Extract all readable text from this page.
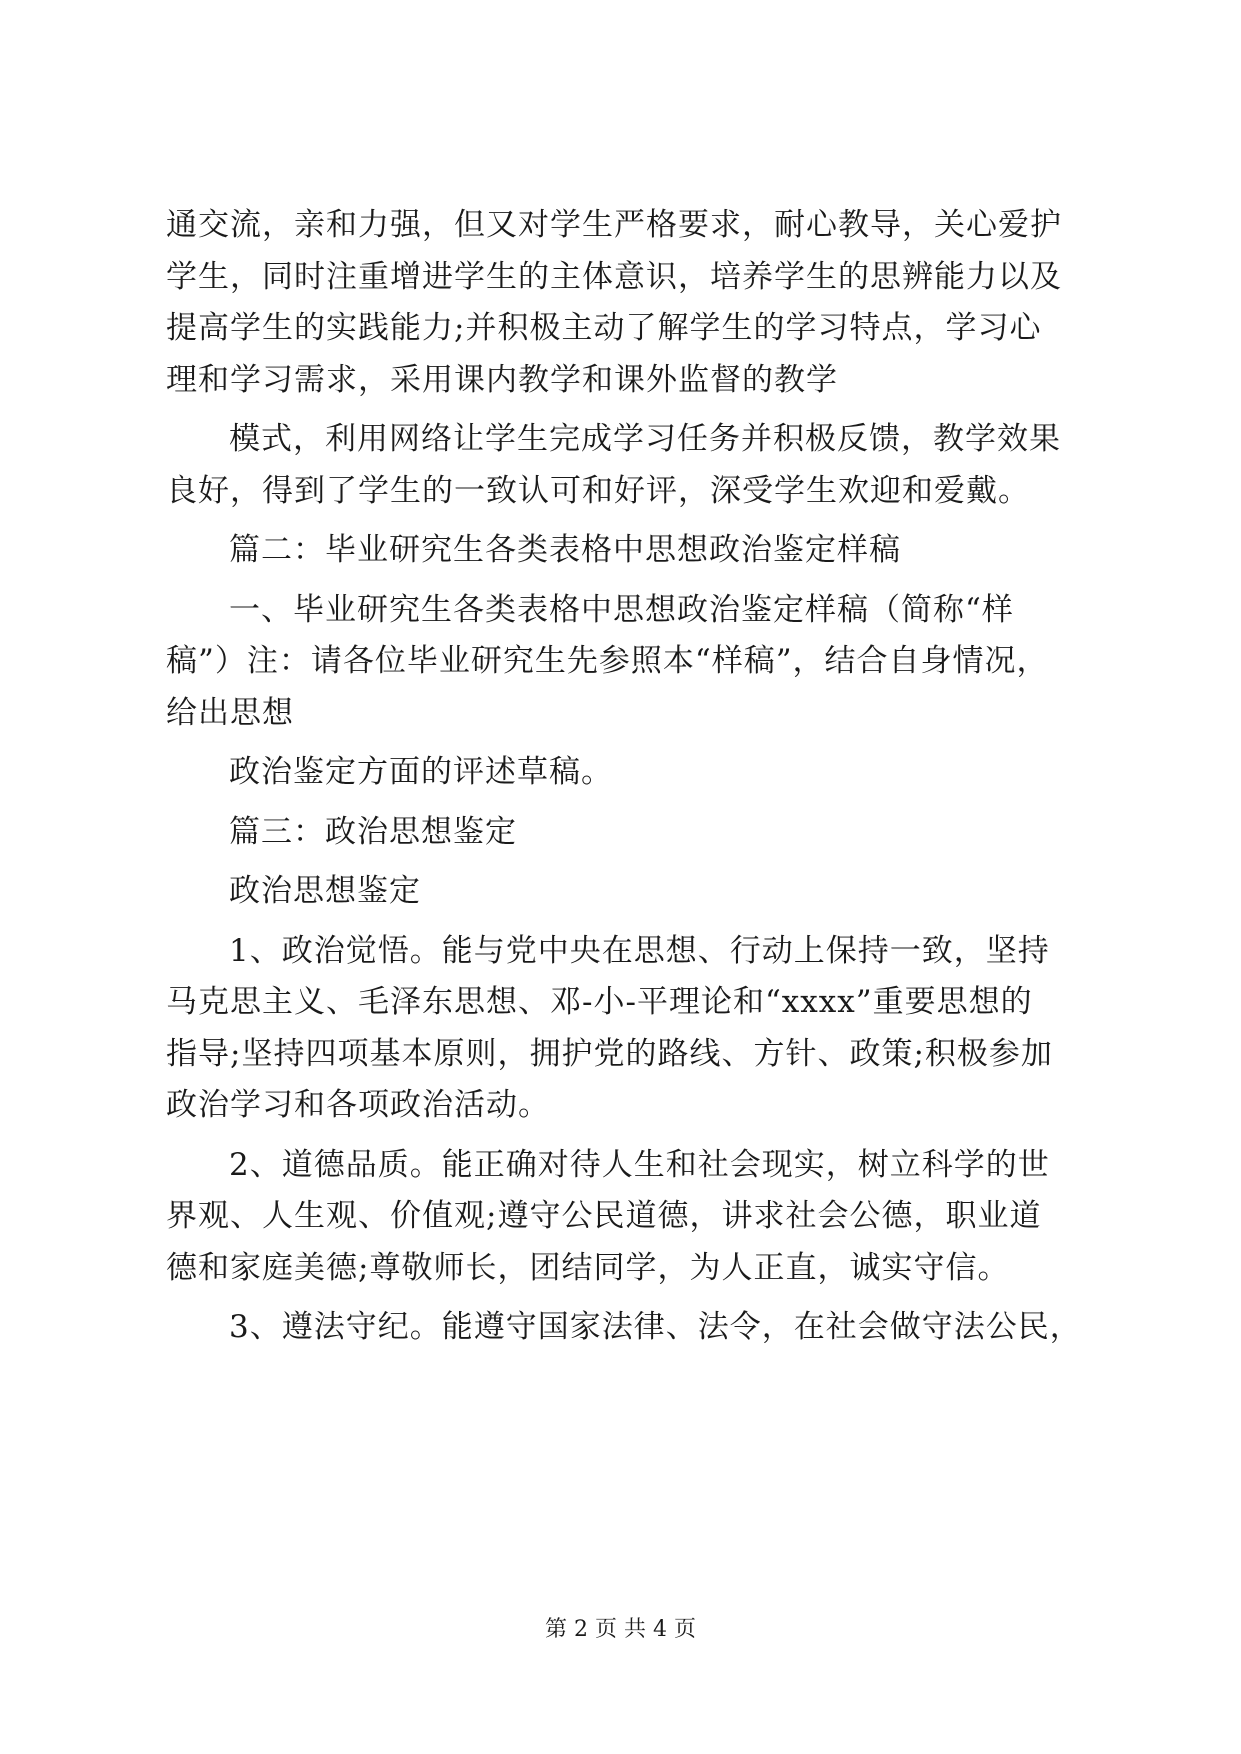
通交流，亲和力强，但又对学生严格要求，耐心教导，关心爱护
学生，同时注重增进学生的主体意识，培养学生的思辨能力以及
提高学生的实践能力;并积极主动了解学生的学习特点，学习心
理和学习需求，采用课内教学和课外监督的教学
模式，利用网络让学生完成学习任务并积极反馈，教学效果
良好，得到了学生的一致认可和好评，深受学生欢迎和爱戴。
篇二：毕业研究生各类表格中思想政治鉴定样稿
一、毕业研究生各类表格中思想政治鉴定样稿（简称“样
稿”）注：请各位毕业研究生先参照本“样稿”，结合自身情况，
给出思想
政治鉴定方面的评述草稿。
篇三：政治思想鉴定
政治思想鉴定
1、政治觉悟。能与党中央在思想、行动上保持一致，坚持
马克思主义、毛泽东思想、邓-小-平理论和“xxxx”重要思想的
指导;坚持四项基本原则，拥护党的路线、方针、政策;积极参加
政治学习和各项政治活动。
2、道德品质。能正确对待人生和社会现实，树立科学的世
界观、人生观、价值观;遵守公民道德，讲求社会公德，职业道
德和家庭美德;尊敬师长，团结同学，为人正直，诚实守信。
3、遵法守纪。能遵守国家法律、法令，在社会做守法公民，
第 2 页 共 4 页
